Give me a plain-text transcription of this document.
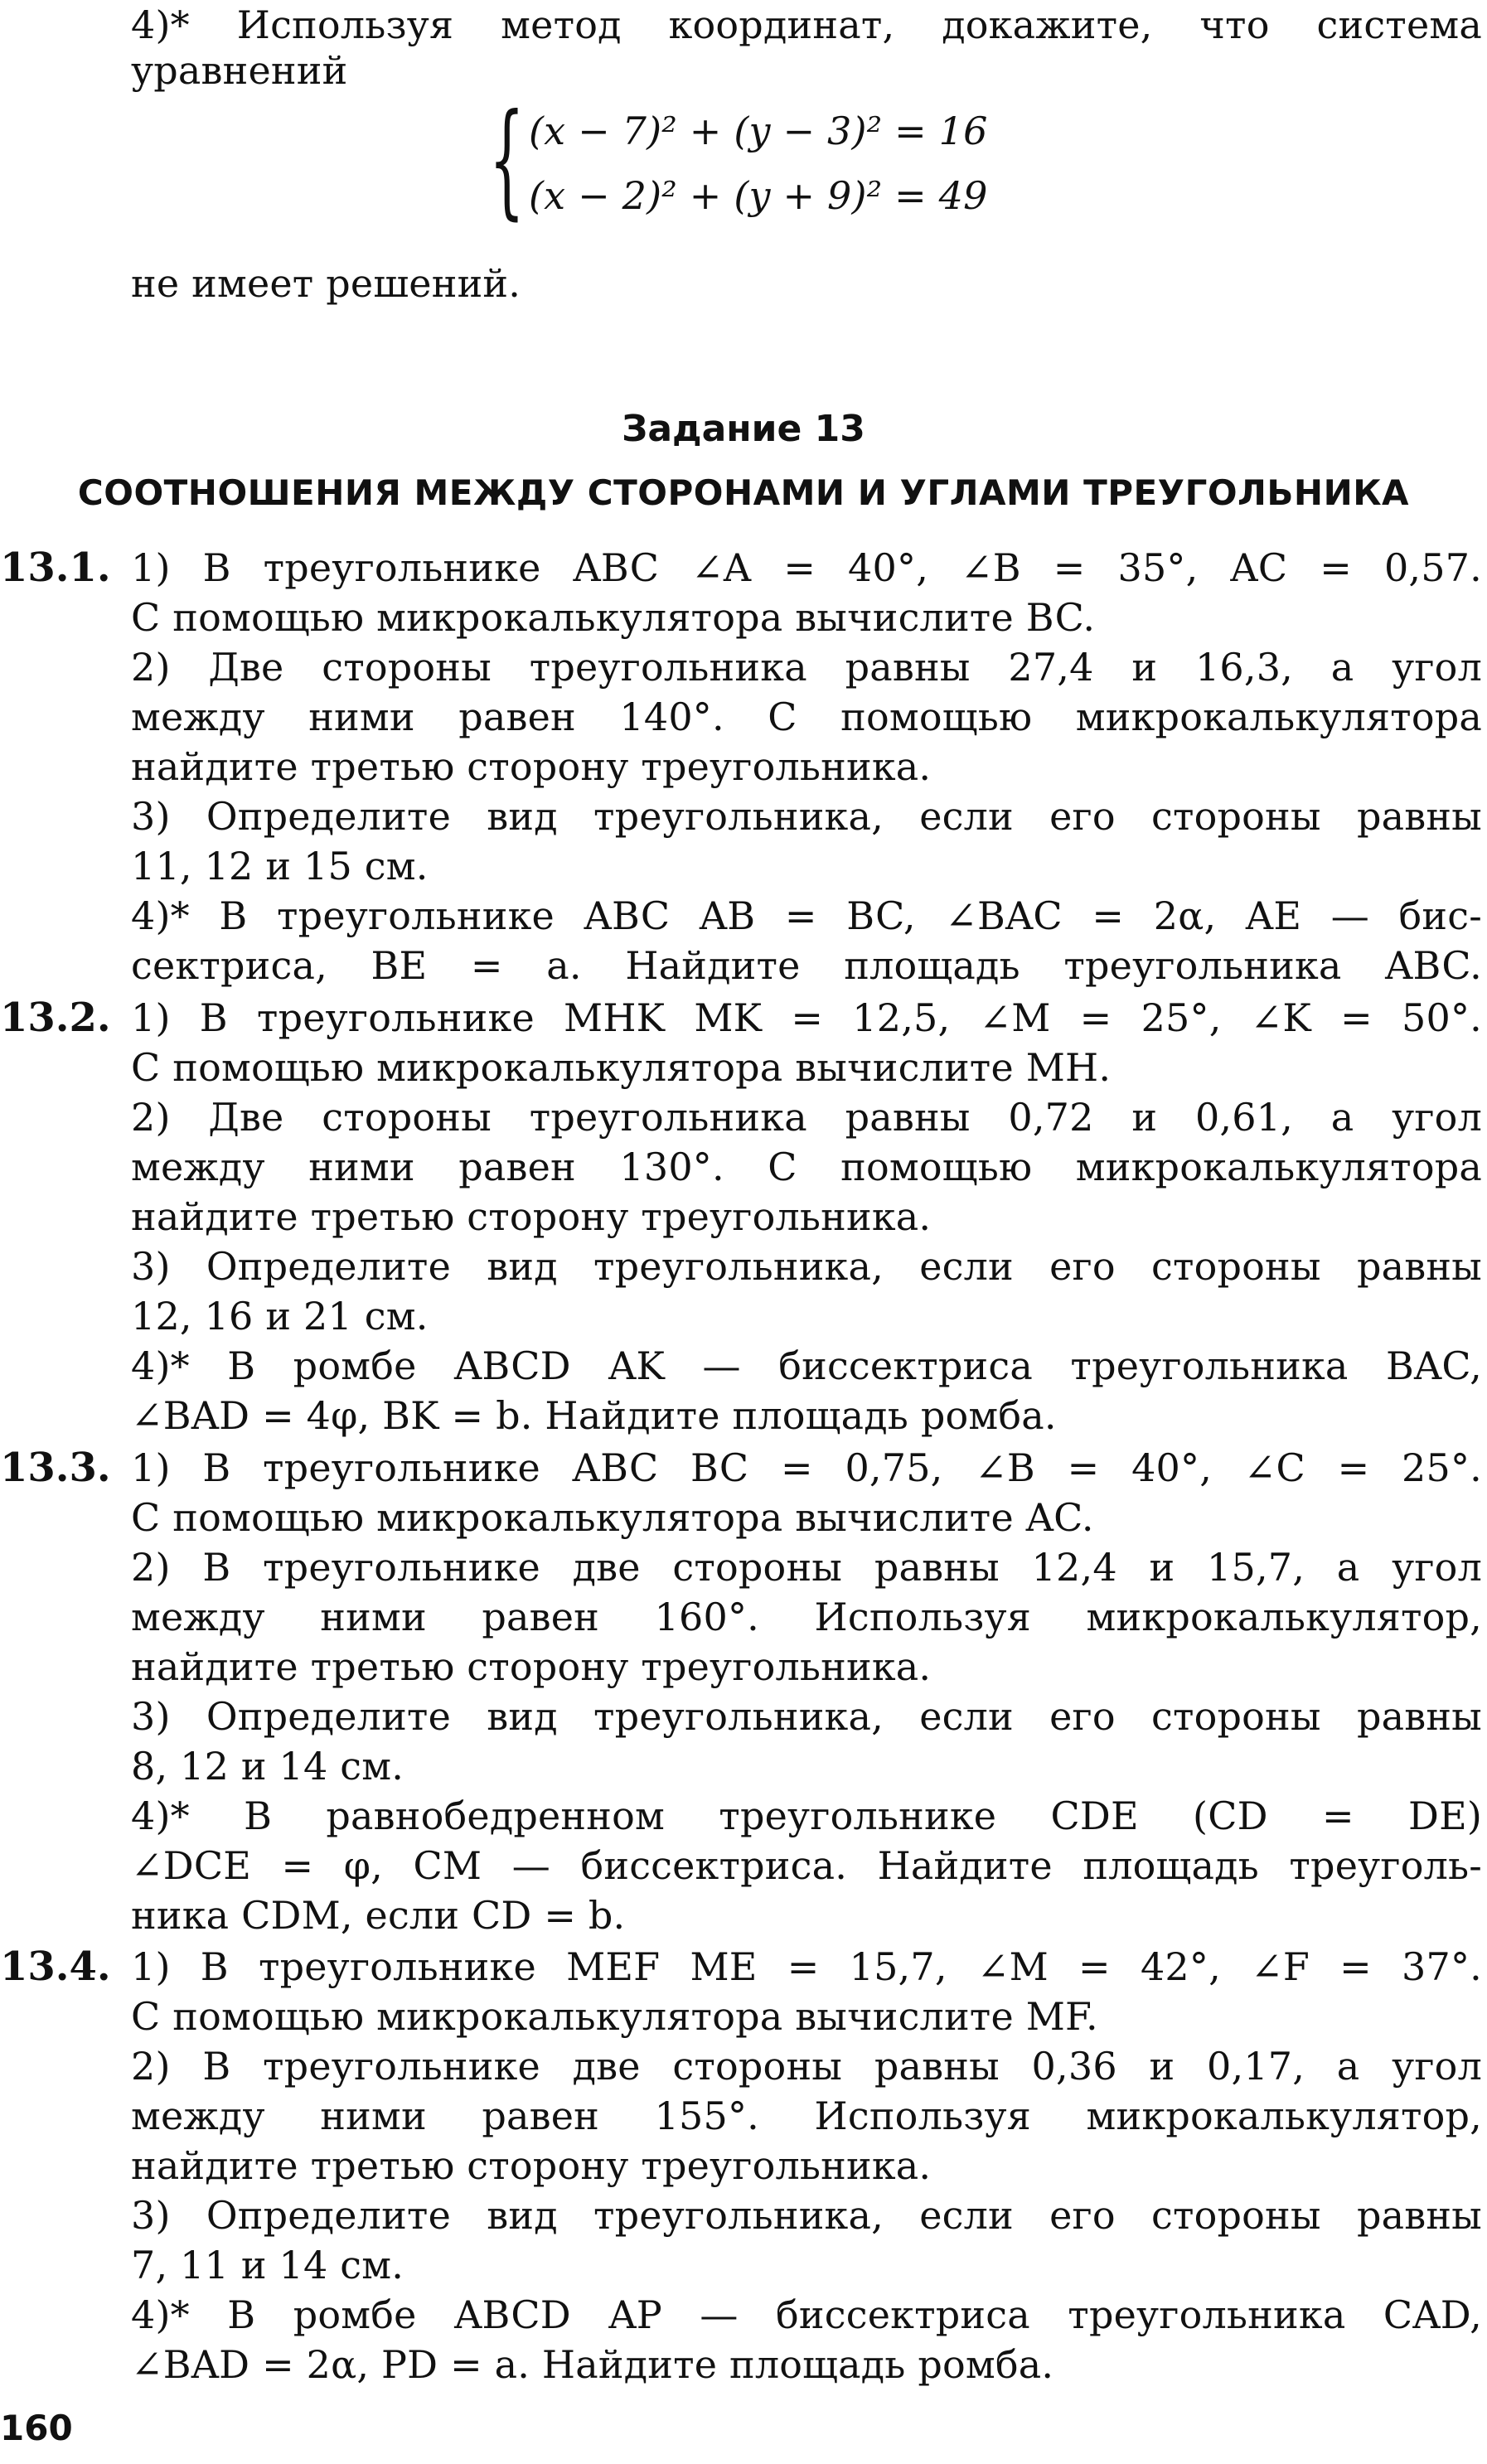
4)* Используя метод координат, докажите, что система
уравнений
{ (x − 7)² + (y − 3)² = 16
(x − 2)² + (y + 9)² = 49
не имеет решений.
Задание 13
СООТНОШЕНИЯ МЕЖДУ СТОРОНАМИ И УГЛАМИ ТРЕУГОЛЬНИКА
13.1. 1) В треугольнике ABC ∠A = 40°, ∠B = 35°, AC = 0,57.
С помощью микрокалькулятора вычислите BC.
2) Две стороны треугольника равны 27,4 и 16,3, а угол
между ними равен 140°. С помощью микрокалькулятора
найдите третью сторону треугольника.
3) Определите вид треугольника, если его стороны равны
11, 12 и 15 см.
4)* В треугольнике ABC AB = BC, ∠BAC = 2α, AE — бис-
сектриса, BE = a. Найдите площадь треугольника ABC.
13.2. 1) В треугольнике MHK MK = 12,5, ∠M = 25°, ∠K = 50°.
С помощью микрокалькулятора вычислите MH.
2) Две стороны треугольника равны 0,72 и 0,61, а угол
между ними равен 130°. С помощью микрокалькулятора
найдите третью сторону треугольника.
3) Определите вид треугольника, если его стороны равны
12, 16 и 21 см.
4)* В ромбе ABCD AK — биссектриса треугольника BAC,
∠BAD = 4φ, BK = b. Найдите площадь ромба.
13.3. 1) В треугольнике ABC BC = 0,75, ∠B = 40°, ∠C = 25°.
С помощью микрокалькулятора вычислите AC.
2) В треугольнике две стороны равны 12,4 и 15,7, а угол
между ними равен 160°. Используя микрокалькулятор,
найдите третью сторону треугольника.
3) Определите вид треугольника, если его стороны равны
8, 12 и 14 см.
4)* В равнобедренном треугольнике CDE (CD = DE)
∠DCE = φ, CM — биссектриса. Найдите площадь треуголь-
ника CDM, если CD = b.
13.4. 1) В треугольнике MEF ME = 15,7, ∠M = 42°, ∠F = 37°.
С помощью микрокалькулятора вычислите MF.
2) В треугольнике две стороны равны 0,36 и 0,17, а угол
между ними равен 155°. Используя микрокалькулятор,
найдите третью сторону треугольника.
3) Определите вид треугольника, если его стороны равны
7, 11 и 14 см.
4)* В ромбе ABCD AP — биссектриса треугольника CAD,
∠BAD = 2α, PD = a. Найдите площадь ромба.
160
